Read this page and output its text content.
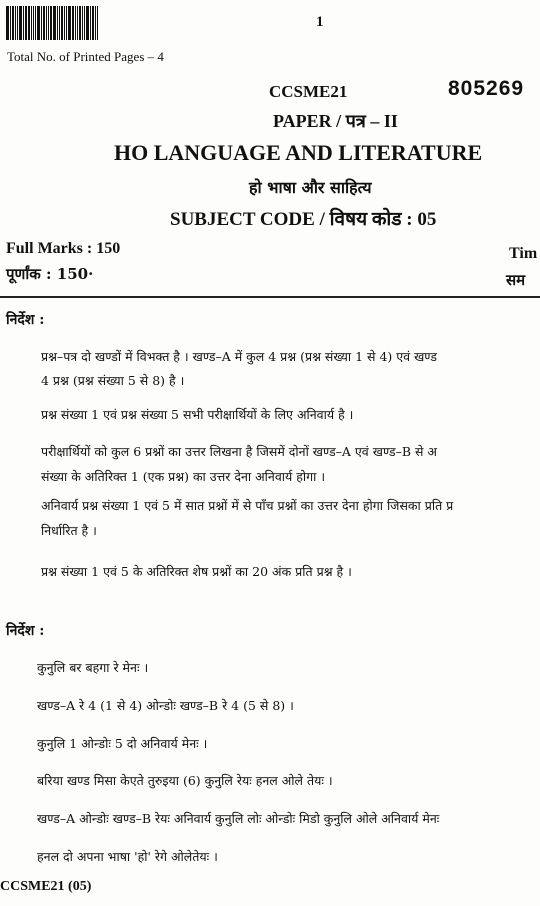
1
Total No. of Printed Pages – 4
CCSME21	805269
PAPER / पत्र – II
HO LANGUAGE AND LITERATURE
हो भाषा और साहित्य
SUBJECT CODE / विषय कोड : 05
Full Marks : 150
पूर्णांक : 150·
Tim
सम
निर्देश :
प्रश्न–पत्र दो खण्डों में विभक्त है । खण्ड–A में कुल 4 प्रश्न (प्रश्न संख्या 1 से 4) एवं खण्ड
4 प्रश्न (प्रश्न संख्या 5 से 8) है ।
प्रश्न संख्या 1 एवं प्रश्न संख्या 5 सभी परीक्षार्थियों के लिए अनिवार्य है ।
परीक्षार्थियों को कुल 6 प्रश्नों का उत्तर लिखना है जिसमें दोनों खण्ड–A एवं खण्ड–B से अ
संख्या के अतिरिक्त 1 (एक प्रश्न) का उत्तर देना अनिवार्य होगा ।
अनिवार्य प्रश्न संख्या 1 एवं 5 में सात प्रश्नों में से पाँच प्रश्नों का उत्तर देना होगा जिसका प्रति प्र
निर्धारित है ।
प्रश्न संख्या 1 एवं 5 के अतिरिक्त शेष प्रश्नों का 20 अंक प्रति प्रश्न है ।
निर्देश :
कुनुलि बर बहगा रे मेनः ।
खण्ड–A रे 4 (1 से 4) ओन्डोः खण्ड–B रे 4 (5 से 8) ।
कुनुलि 1 ओन्डोः 5 दो अनिवार्य मेनः ।
बरिया खण्ड मिसा केएते तुरुइया (6) कुनुलि रेयः हनल ओले तेयः ।
खण्ड–A ओन्डोः खण्ड–B रेयः अनिवार्य कुनुलि लोः ओन्डोः मिडो कुनुलि ओले अनिवार्य मेनः
हनल दो अपना भाषा 'हो' रेगे ओलेतेयः ।
CCSME21 (05)
